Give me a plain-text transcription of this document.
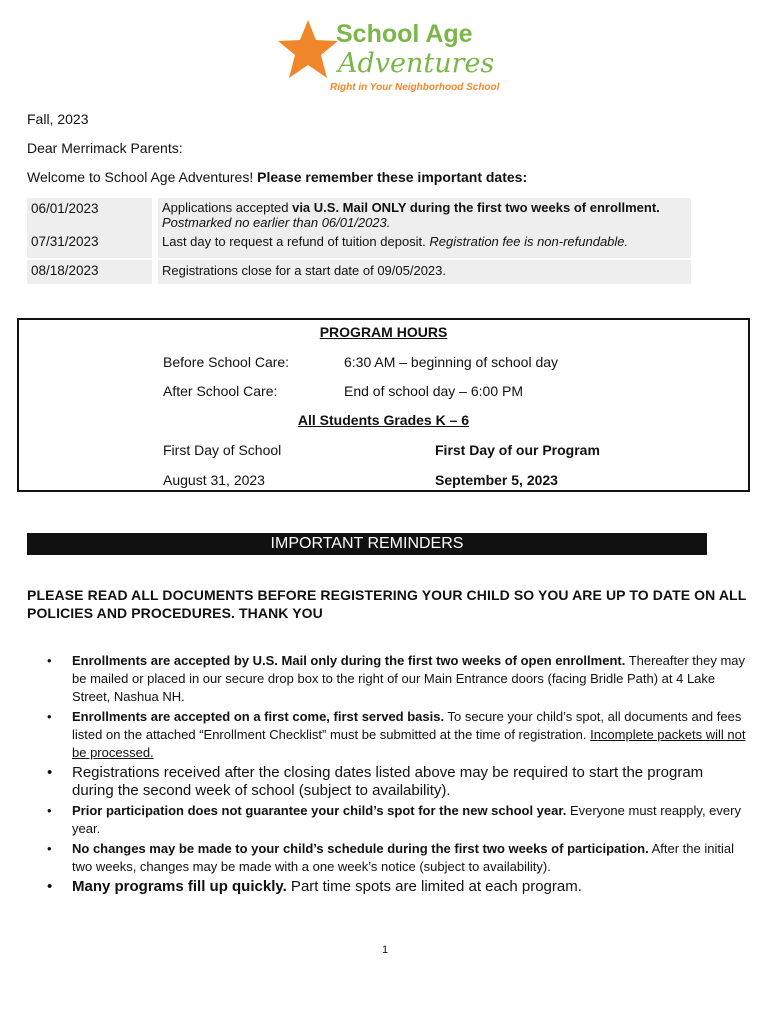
School Age
Adventures
Right in Your Neighborhood School
Fall, 2023
Dear Merrimack Parents:
Welcome to School Age Adventures! Please remember these important dates:
06/01/2023	Applications accepted via U.S. Mail ONLY during the first two weeks of enrollment. Postmarked no earlier than 06/01/2023.
07/31/2023	Last day to request a refund of tuition deposit. Registration fee is non-refundable.
08/18/2023	Registrations close for a start date of 09/05/2023.
PROGRAM HOURS
Before School Care:	6:30 AM – beginning of school day
After School Care:	End of school day – 6:00 PM
All Students Grades K – 6
First Day of School	First Day of our Program
August 31, 2023	September 5, 2023
IMPORTANT REMINDERS
PLEASE READ ALL DOCUMENTS BEFORE REGISTERING YOUR CHILD SO YOU ARE UP TO DATE ON ALL POLICIES AND PROCEDURES. THANK YOU
• Enrollments are accepted by U.S. Mail only during the first two weeks of open enrollment. Thereafter they may be mailed or placed in our secure drop box to the right of our Main Entrance doors (facing Bridle Path) at 4 Lake Street, Nashua NH.
• Enrollments are accepted on a first come, first served basis. To secure your child’s spot, all documents and fees listed on the attached “Enrollment Checklist” must be submitted at the time of registration. Incomplete packets will not be processed.
• Registrations received after the closing dates listed above may be required to start the program during the second week of school (subject to availability).
• Prior participation does not guarantee your child’s spot for the new school year. Everyone must reapply, every year.
• No changes may be made to your child’s schedule during the first two weeks of participation. After the initial two weeks, changes may be made with a one week’s notice (subject to availability).
• Many programs fill up quickly. Part time spots are limited at each program.
1
